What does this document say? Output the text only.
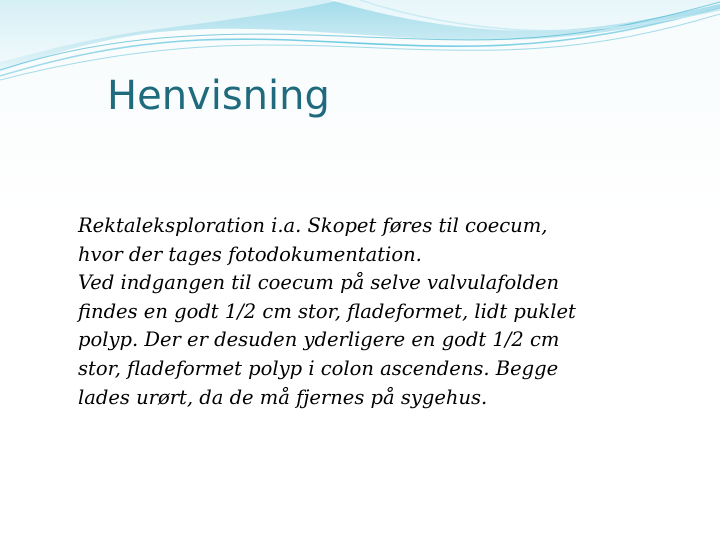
Henvisning

Rektaleksploration i.a. Skopet føres til coecum,
hvor der tages fotodokumentation.
Ved indgangen til coecum på selve valvulafolden
findes en godt 1/2 cm stor, fladeformet, lidt puklet
polyp. Der er desuden yderligere en godt 1/2 cm
stor, fladeformet polyp i colon ascendens. Begge
lades urørt, da de må fjernes på sygehus.
